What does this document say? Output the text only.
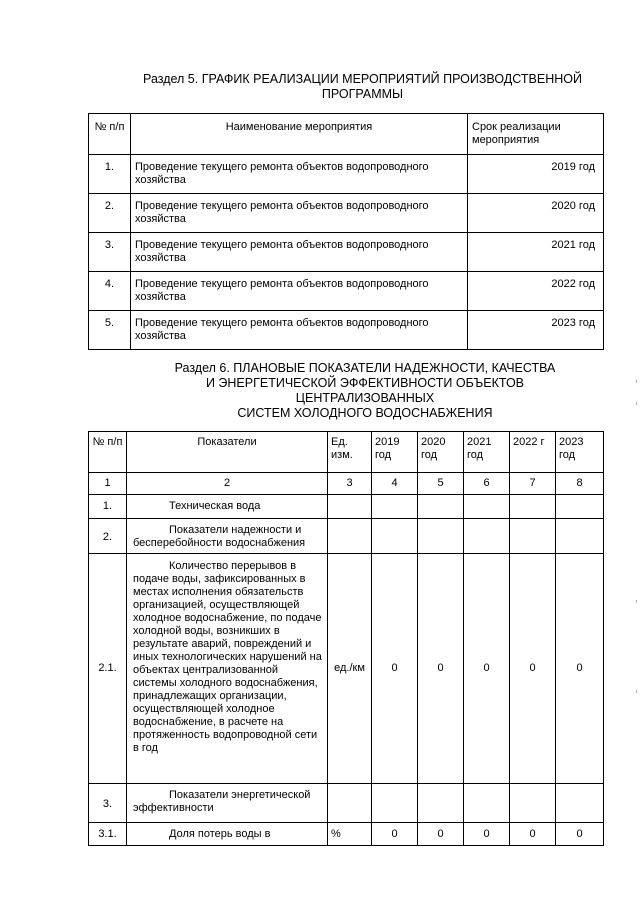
Раздел 5. ГРАФИК РЕАЛИЗАЦИИ МЕРОПРИЯТИЙ ПРОИЗВОДСТВЕННОЙ
ПРОГРАММЫ
№ п/п	Наименование мероприятия	Срок реализации мероприятия
1.	Проведение текущего ремонта объектов водопроводного хозяйства	2019 год
2.	Проведение текущего ремонта объектов водопроводного хозяйства	2020 год
3.	Проведение текущего ремонта объектов водопроводного хозяйства	2021 год
4.	Проведение текущего ремонта объектов водопроводного хозяйства	2022 год
5.	Проведение текущего ремонта объектов водопроводного хозяйства	2023 год
Раздел 6. ПЛАНОВЫЕ ПОКАЗАТЕЛИ НАДЕЖНОСТИ, КАЧЕСТВА
И ЭНЕРГЕТИЧЕСКОЙ ЭФФЕКТИВНОСТИ ОБЪЕКТОВ
ЦЕНТРАЛИЗОВАННЫХ
СИСТЕМ ХОЛОДНОГО ВОДОСНАБЖЕНИЯ
№ п/п	Показатели	Ед. изм.	2019 год	2020 год	2021 год	2022 г	2023 год
1	2	3	4	5	6	7	8
1.	Техническая вода						
2.	Показатели надежности и бесперебойности водоснабжения						
2.1.	Количество перерывов в подаче воды, зафиксированных в местах исполнения обязательств организацией, осуществляющей холодное водоснабжение, по подаче холодной воды, возникших в результате аварий, повреждений и иных технологических нарушений на объектах централизованной системы холодного водоснабжения, принадлежащих организации, осуществляющей холодное водоснабжение, в расчете на протяженность водопроводной сети в год	ед./км	0	0	0	0	0
3.	Показатели энергетической эффективности						
3.1.	Доля потерь воды в	%	0	0	0	0	0
